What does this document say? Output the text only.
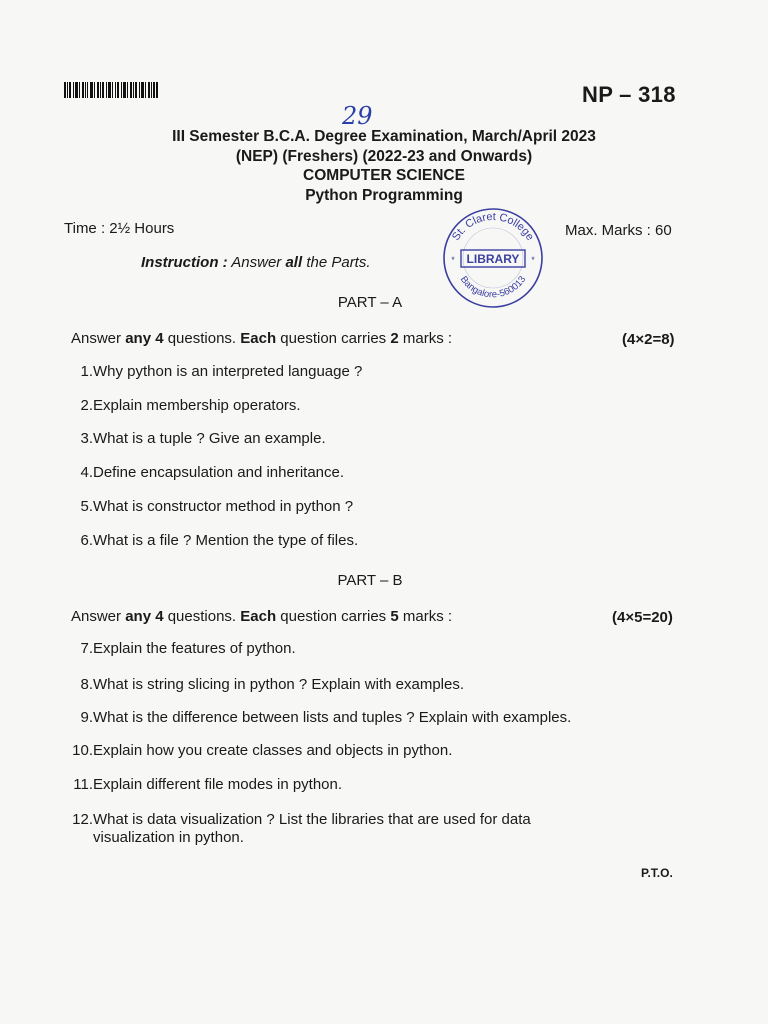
NP – 318
29
III Semester B.C.A. Degree Examination, March/April 2023
(NEP) (Freshers) (2022-23 and Onwards)
COMPUTER SCIENCE
Python Programming
Time : 2½ Hours	Max. Marks : 60
Instruction : Answer all the Parts.
St. Claret College
LIBRARY
*	*
Bangalore-560013
PART – A
Answer any 4 questions. Each question carries 2 marks :	(4×2=8)
1. Why python is an interpreted language ?
2. Explain membership operators.
3. What is a tuple ? Give an example.
4. Define encapsulation and inheritance.
5. What is constructor method in python ?
6. What is a file ? Mention the type of files.
PART – B
Answer any 4 questions. Each question carries 5 marks :	(4×5=20)
7. Explain the features of python.
8. What is string slicing in python ? Explain with examples.
9. What is the difference between lists and tuples ? Explain with examples.
10. Explain how you create classes and objects in python.
11. Explain different file modes in python.
12. What is data visualization ? List the libraries that are used for data visualization in python.
P.T.O.
